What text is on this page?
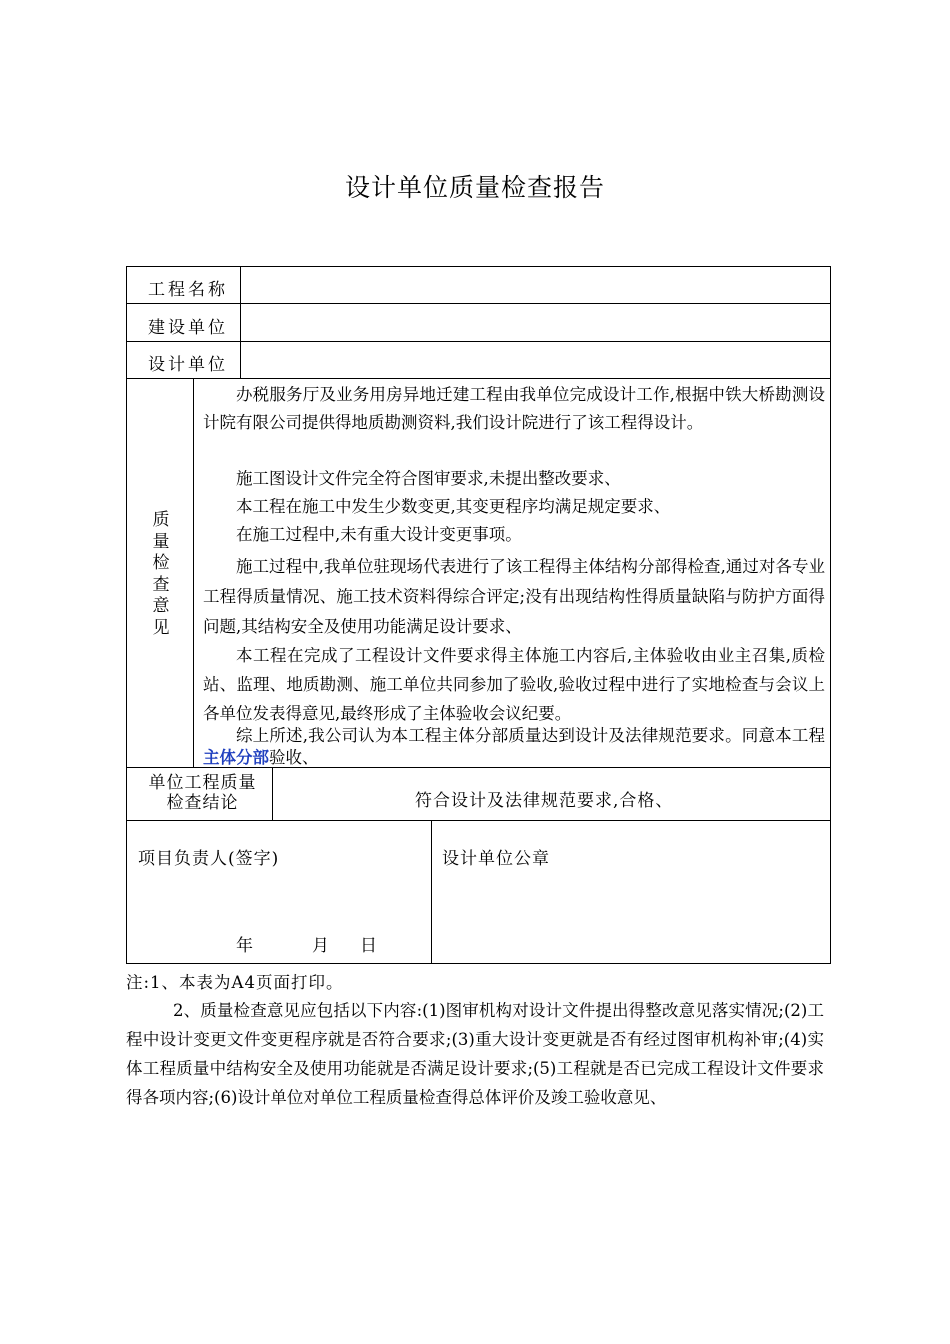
设计单位质量检查报告
工程名称
建设单位
设计单位
质
量
检
查
意
见
办税服务厅及业务用房异地迁建工程由我单位完成设计工作,根据中铁大桥勘测设计院有限公司提供得地质勘测资料,我们设计院进行了该工程得设计。
施工图设计文件完全符合图审要求,未提出整改要求、
本工程在施工中发生少数变更,其变更程序均满足规定要求、
在施工过程中,未有重大设计变更事项。
施工过程中,我单位驻现场代表进行了该工程得主体结构分部得检查,通过对各专业工程得质量情况、施工技术资料得综合评定;没有出现结构性得质量缺陷与防护方面得问题,其结构安全及使用功能满足设计要求、
本工程在完成了工程设计文件要求得主体施工内容后,主体验收由业主召集,质检站、监理、地质勘测、施工单位共同参加了验收,验收过程中进行了实地检查与会议上各单位发表得意见,最终形成了主体验收会议纪要。
综上所述,我公司认为本工程主体分部质量达到设计及法律规范要求。同意本工程主体分部验收、
单位工程质量
检查结论	符合设计及法律规范要求,合格、
项目负责人(签字)
年	月 日
设计单位公章
注:1、本表为A4页面打印。
2、质量检查意见应包括以下内容:(1)图审机构对设计文件提出得整改意见落实情况;(2)工程中设计变更文件变更程序就是否符合要求;(3)重大设计变更就是否有经过图审机构补审;(4)实体工程质量中结构安全及使用功能就是否满足设计要求;(5)工程就是否已完成工程设计文件要求得各项内容;(6)设计单位对单位工程质量检查得总体评价及竣工验收意见、
